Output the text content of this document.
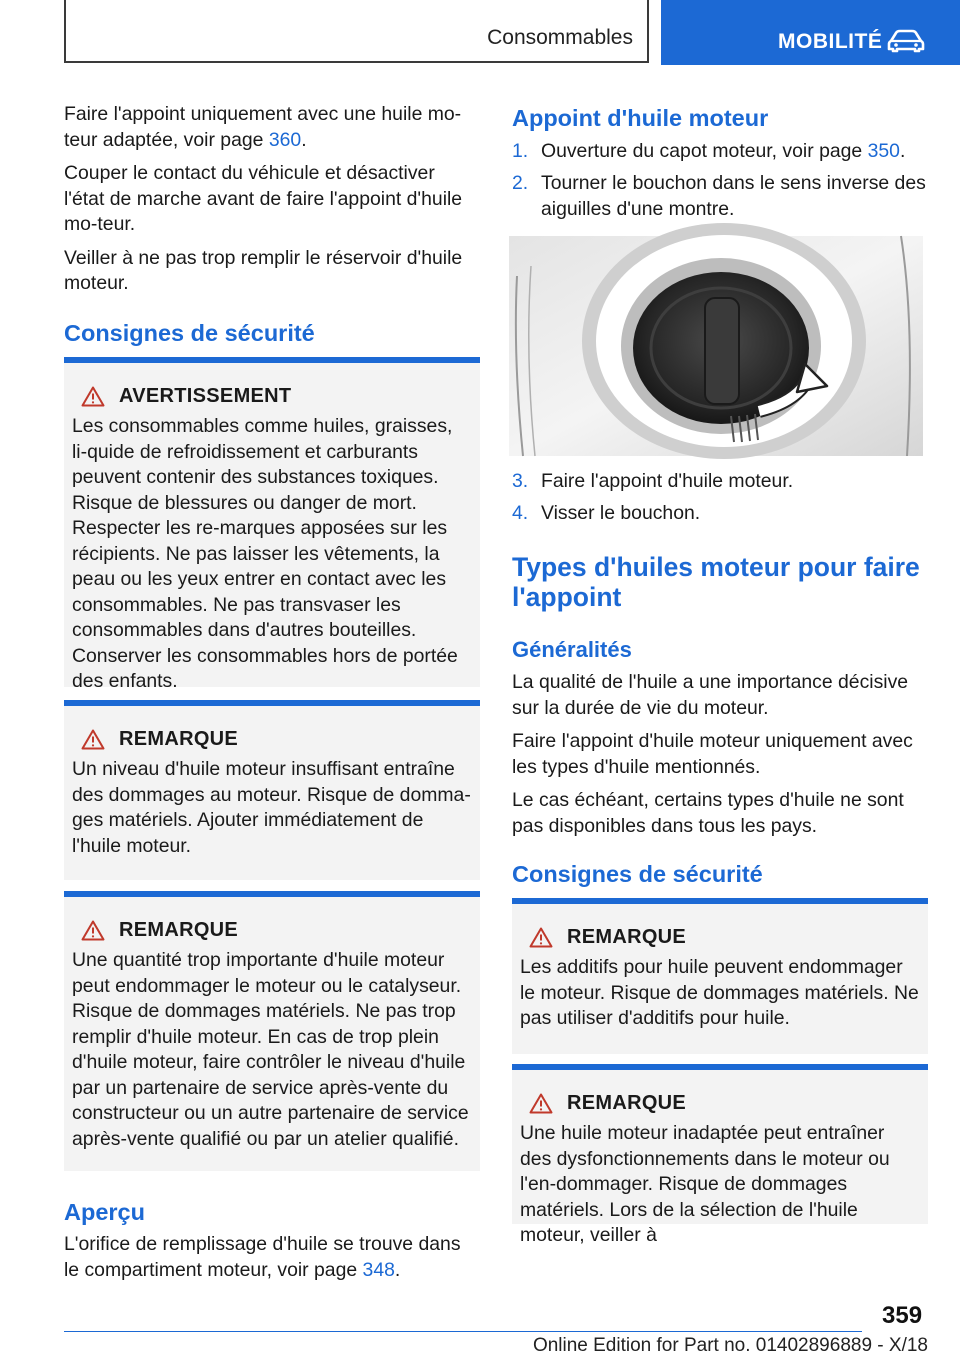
Consommables	MOBILITÉ

Faire l'appoint uniquement avec une huile mo-teur adaptée, voir page 360.

Couper le contact du véhicule et désactiver l'état de marche avant de faire l'appoint d'huile mo-teur.

Veiller à ne pas trop remplir le réservoir d'huile moteur.

Consignes de sécurité
AVERTISSEMENT

Les consommables comme huiles, graisses, li-quide de refroidissement et carburants peuvent contenir des substances toxiques. Risque de blessures ou danger de mort. Respecter les re-marques apposées sur les récipients. Ne pas laisser les vêtements, la peau ou les yeux entrer en contact avec les consommables. Ne pas transvaser les consommables dans d'autres bouteilles. Conserver les consommables hors de portée des enfants.

REMARQUE

Un niveau d'huile moteur insuffisant entraîne des dommages au moteur. Risque de domma-ges matériels. Ajouter immédiatement de l'huile moteur.

REMARQUE

Une quantité trop importante d'huile moteur peut endommager le moteur ou le catalyseur. Risque de dommages matériels. Ne pas trop remplir d'huile moteur. En cas de trop plein d'huile moteur, faire contrôler le niveau d'huile par un partenaire de service après-vente du constructeur ou un autre partenaire de service après-vente qualifié ou par un atelier qualifié.

Aperçu

L'orifice de remplissage d'huile se trouve dans le compartiment moteur, voir page 348.

Appoint d'huile moteur
1. Ouverture du capot moteur, voir page 350.
2. Tourner le bouchon dans le sens inverse des aiguilles d'une montre.
3. Faire l'appoint d'huile moteur.
4. Visser le bouchon.
Types d'huiles moteur pour faire l'appoint
Généralités

La qualité de l'huile a une importance décisive sur la durée de vie du moteur.

Faire l'appoint d'huile moteur uniquement avec les types d'huile mentionnés.

Le cas échéant, certains types d'huile ne sont pas disponibles dans tous les pays.

Consignes de sécurité
REMARQUE

Les additifs pour huile peuvent endommager le moteur. Risque de dommages matériels. Ne pas utiliser d'additifs pour huile.

REMARQUE

Une huile moteur inadaptée peut entraîner des dysfonctionnements dans le moteur ou l'en-dommager. Risque de dommages matériels. Lors de la sélection de l'huile moteur, veiller à

359
Online Edition for Part no. 01402896889 - X/18
